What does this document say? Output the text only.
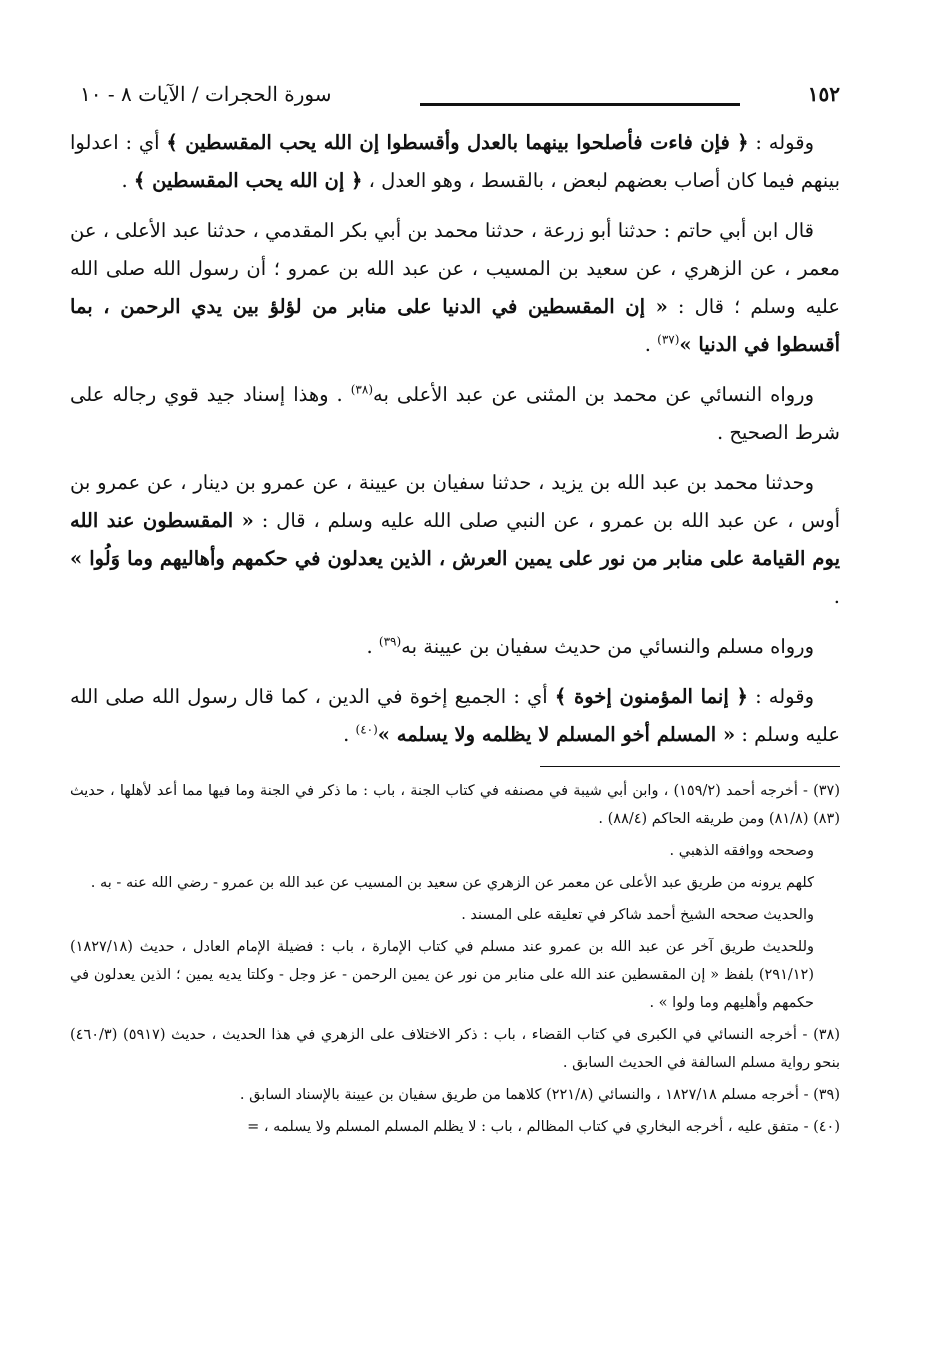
سورة الحجرات / الآيات ٨ - ١٠	١٥٢

وقوله : ﴿ فإن فاءت فأصلحوا بينهما بالعدل وأقسطوا إن الله يحب المقسطين ﴾ أي : اعدلوا بينهم فيما كان أصاب بعضهم لبعض ، بالقسط ، وهو العدل ، ﴿ إن الله يحب المقسطين ﴾ .

قال ابن أبي حاتم : حدثنا أبو زرعة ، حدثنا محمد بن أبي بكر المقدمي ، حدثنا عبد الأعلى ، عن معمر ، عن الزهري ، عن سعيد بن المسيب ، عن عبد الله بن عمرو ؛ أن رسول الله صلى الله عليه وسلم ؛ قال : « إن المقسطين في الدنيا على منابر من لؤلؤ بين يدي الرحمن ، بما أقسطوا في الدنيا »$^{(٣٧)}$ .

ورواه النسائي عن محمد بن المثنى عن عبد الأعلى به$^{(٣٨)}$ . وهذا إسناد جيد قوي رجاله على شرط الصحيح .

وحدثنا محمد بن عبد الله بن يزيد ، حدثنا سفيان بن عيينة ، عن عمرو بن دينار ، عن عمرو بن أوس ، عن عبد الله بن عمرو ، عن النبي صلى الله عليه وسلم ، قال : « المقسطون عند الله يوم القيامة على منابر من نور على يمين العرش ، الذين يعدلون في حكمهم وأهاليهم وما وَلُوا » .

ورواه مسلم والنسائي من حديث سفيان بن عيينة به$^{(٣٩)}$ .

وقوله : ﴿ إنما المؤمنون إخوة ﴾ أي : الجميع إخوة في الدين ، كما قال رسول الله صلى الله عليه وسلم : « المسلم أخو المسلم لا يظلمه ولا يسلمه »$^{(٤٠)}$ .

(٣٧) - أخرجه أحمد (١٥٩/٢) ، وابن أبي شيبة في مصنفه في كتاب الجنة ، باب : ما ذكر في الجنة وما فيها مما أعد لأهلها ، حديث (٨٣) (٨١/٨) ومن طريقه الحاكم (٨٨/٤) .
وصححه ووافقه الذهبي .
كلهم يرونه من طريق عبد الأعلى عن معمر عن الزهري عن سعيد بن المسيب عن عبد الله بن عمرو - رضي الله عنه - به .
والحديث صححه الشيخ أحمد شاكر في تعليقه على المسند .
وللحديث طريق آخر عن عبد الله بن عمرو عند مسلم في كتاب الإمارة ، باب : فضيلة الإمام العادل ، حديث (١٨٢٧/١٨) (٢٩١/١٢) بلفظ « إن المقسطين عند الله على منابر من نور عن يمين الرحمن - عز وجل - وكلتا يديه يمين ؛ الذين يعدلون في حكمهم وأهليهم وما ولوا » .
(٣٨) - أخرجه النسائي في الكبرى في كتاب القضاء ، باب : ذكر الاختلاف على الزهري في هذا الحديث ، حديث (٥٩١٧) (٤٦٠/٣) بنحو رواية مسلم السالفة في الحديث السابق .
(٣٩) - أخرجه مسلم ١٨٢٧/١٨ ، والنسائي (٢٢١/٨) كلاهما من طريق سفيان بن عيينة بالإسناد السابق .
(٤٠) - متفق عليه ، أخرجه البخاري في كتاب المظالم ، باب : لا يظلم المسلم المسلم ولا يسلمه ، =
